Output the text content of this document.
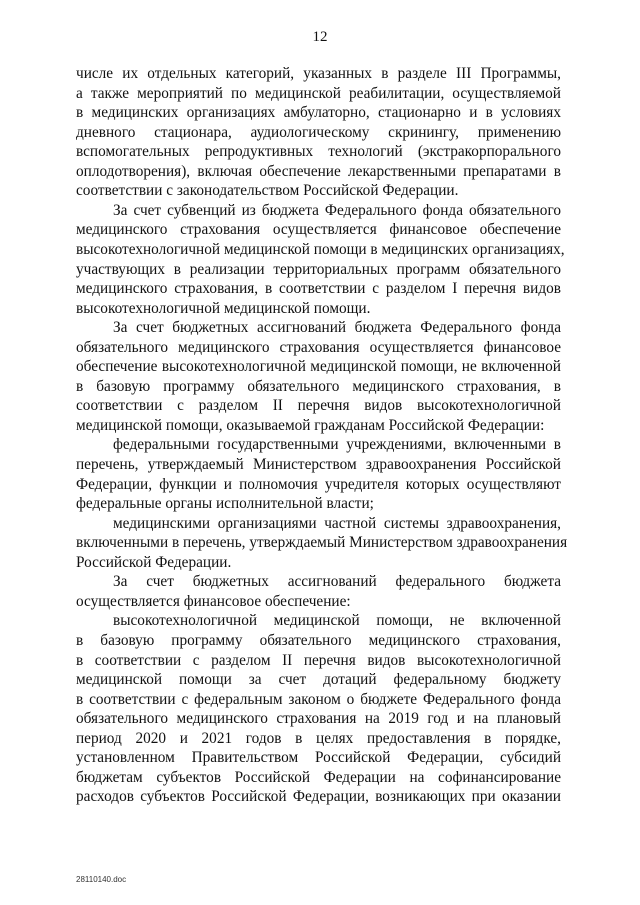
12
числе их отдельных категорий, указанных в разделе III Программы,
а также мероприятий по медицинской реабилитации, осуществляемой
в медицинских организациях амбулаторно, стационарно и в условиях
дневного стационара, аудиологическому скринингу, применению
вспомогательных репродуктивных технологий (экстракорпорального
оплодотворения), включая обеспечение лекарственными препаратами в
соответствии с законодательством Российской Федерации.
За счет субвенций из бюджета Федерального фонда обязательного
медицинского страхования осуществляется финансовое обеспечение
высокотехнологичной медицинской помощи в медицинских организациях,
участвующих в реализации территориальных программ обязательного
медицинского страхования, в соответствии с разделом I перечня видов
высокотехнологичной медицинской помощи.
За счет бюджетных ассигнований бюджета Федерального фонда
обязательного медицинского страхования осуществляется финансовое
обеспечение высокотехнологичной медицинской помощи, не включенной
в базовую программу обязательного медицинского страхования, в
соответствии с разделом II перечня видов высокотехнологичной
медицинской помощи, оказываемой гражданам Российской Федерации:
федеральными государственными учреждениями, включенными в
перечень, утверждаемый Министерством здравоохранения Российской
Федерации, функции и полномочия учредителя которых осуществляют
федеральные органы исполнительной власти;
медицинскими организациями частной системы здравоохранения,
включенными в перечень, утверждаемый Министерством здравоохранения
Российской Федерации.
За счет бюджетных ассигнований федерального бюджета
осуществляется финансовое обеспечение:
высокотехнологичной медицинской помощи, не включенной
в базовую программу обязательного медицинского страхования,
в соответствии с разделом II перечня видов высокотехнологичной
медицинской помощи за счет дотаций федеральному бюджету
в соответствии с федеральным законом о бюджете Федерального фонда
обязательного медицинского страхования на 2019 год и на плановый
период 2020 и 2021 годов в целях предоставления в порядке,
установленном Правительством Российской Федерации, субсидий
бюджетам субъектов Российской Федерации на софинансирование
расходов субъектов Российской Федерации, возникающих при оказании
28110140.doc
